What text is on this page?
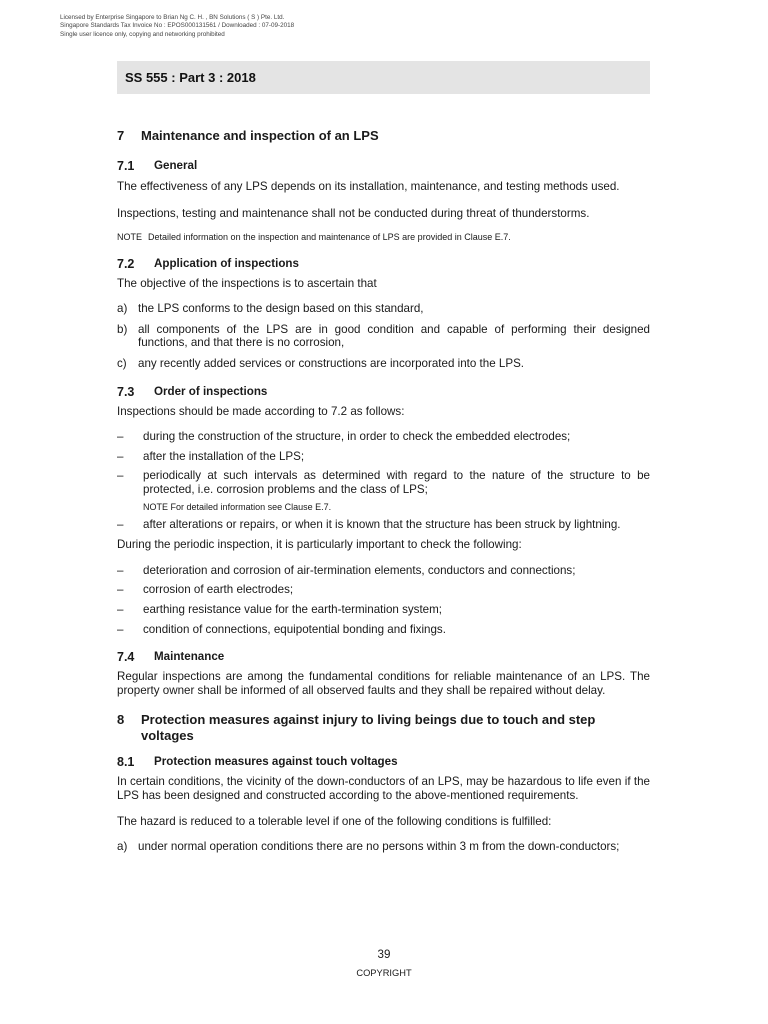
Licensed by Enterprise Singapore to Brian Ng C. H. , BN Solutions ( S ) Pte. Ltd.
Singapore Standards Tax Invoice No : EPOS000131561 / Downloaded : 07-09-2018
Single user licence only, copying and networking prohibited
SS 555 : Part 3 : 2018
7	Maintenance and inspection of an LPS
7.1	General

The effectiveness of any LPS depends on its installation, maintenance, and testing methods used.

Inspections, testing and maintenance shall not be conducted during threat of thunderstorms.

NOTE Detailed information on the inspection and maintenance of LPS are provided in Clause E.7.

7.2	Application of inspections

The objective of the inspections is to ascertain that

a) the LPS conforms to the design based on this standard,
b) all components of the LPS are in good condition and capable of performing their designed functions, and that there is no corrosion,
c) any recently added services or constructions are incorporated into the LPS.
7.3	Order of inspections

Inspections should be made according to 7.2 as follows:

–	during the construction of the structure, in order to check the embedded electrodes;
–	after the installation of the LPS;
–	periodically at such intervals as determined with regard to the nature of the structure to be protected, i.e. corrosion problems and the class of LPS;
NOTE For detailed information see Clause E.7.
–	after alterations or repairs, or when it is known that the structure has been struck by lightning.

During the periodic inspection, it is particularly important to check the following:

–	deterioration and corrosion of air-termination elements, conductors and connections;
–	corrosion of earth electrodes;
–	earthing resistance value for the earth-termination system;
–	condition of connections, equipotential bonding and fixings.
7.4	Maintenance

Regular inspections are among the fundamental conditions for reliable maintenance of an LPS. The property owner shall be informed of all observed faults and they shall be repaired without delay.

8	Protection measures against injury to living beings due to touch and step voltages
8.1	Protection measures against touch voltages

In certain conditions, the vicinity of the down-conductors of an LPS, may be hazardous to life even if the LPS has been designed and constructed according to the above-mentioned requirements.

The hazard is reduced to a tolerable level if one of the following conditions is fulfilled:

a) under normal operation conditions there are no persons within 3 m from the down-conductors;
39
COPYRIGHT
